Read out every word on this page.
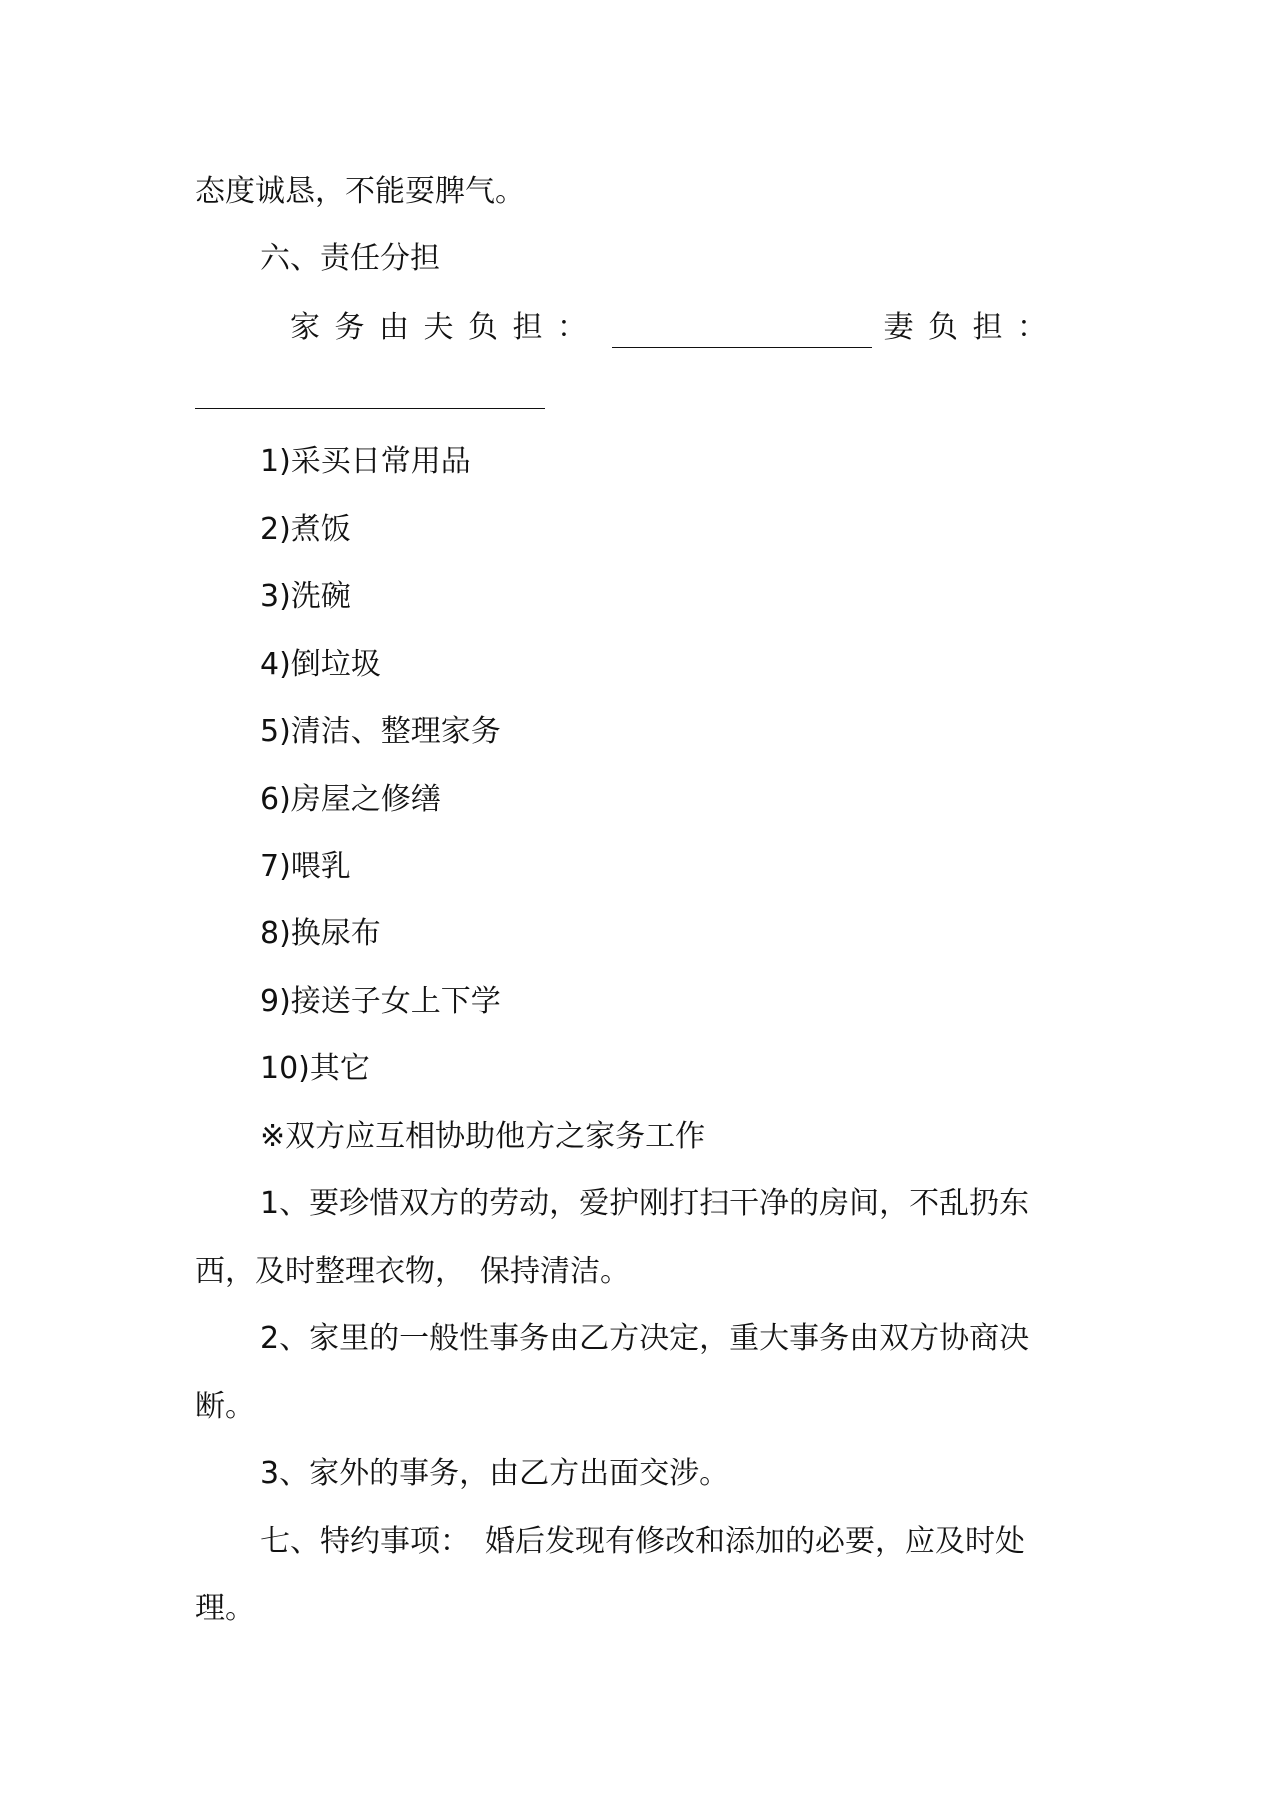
态度诚恳，不能耍脾气。
六、责任分担
家务由夫负担：	妻负担：
1)采买日常用品
2)煮饭
3)洗碗
4)倒垃圾
5)清洁、整理家务
6)房屋之修缮
7)喂乳
8)换尿布
9)接送子女上下学
10)其它
※双方应互相协助他方之家务工作
1、要珍惜双方的劳动，爱护刚打扫干净的房间，不乱扔东
西，及时整理衣物，　保持清洁。
2、家里的一般性事务由乙方决定，重大事务由双方协商决
断。
3、家外的事务，由乙方出面交涉。
七、特约事项：　婚后发现有修改和添加的必要，应及时处
理。
